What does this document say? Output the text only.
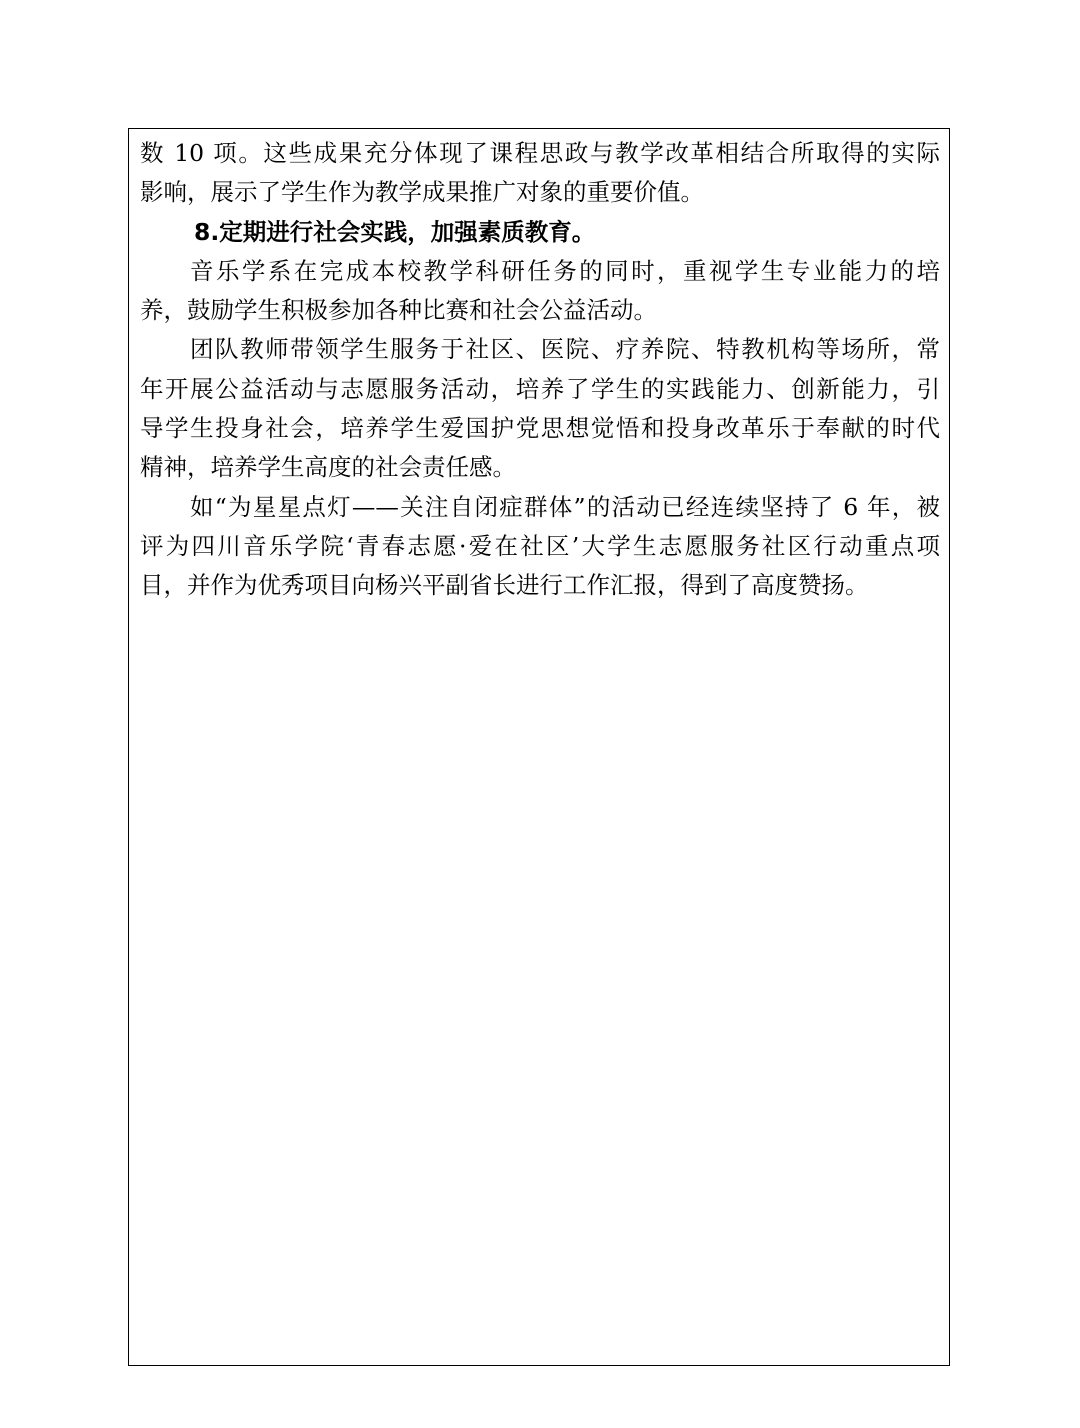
数 10 项。这些成果充分体现了课程思政与教学改革相结合所取得的实际
影响，展示了学生作为教学成果推广对象的重要价值。
8.定期进行社会实践，加强素质教育。
音乐学系在完成本校教学科研任务的同时，重视学生专业能力的培
养，鼓励学生积极参加各种比赛和社会公益活动。
团队教师带领学生服务于社区、医院、疗养院、特教机构等场所，常
年开展公益活动与志愿服务活动，培养了学生的实践能力、创新能力，引
导学生投身社会，培养学生爱国护党思想觉悟和投身改革乐于奉献的时代
精神，培养学生高度的社会责任感。
如“为星星点灯——关注自闭症群体”的活动已经连续坚持了 6 年，被
评为四川音乐学院‘青春志愿·爱在社区’大学生志愿服务社区行动重点项
目，并作为优秀项目向杨兴平副省长进行工作汇报，得到了高度赞扬。
